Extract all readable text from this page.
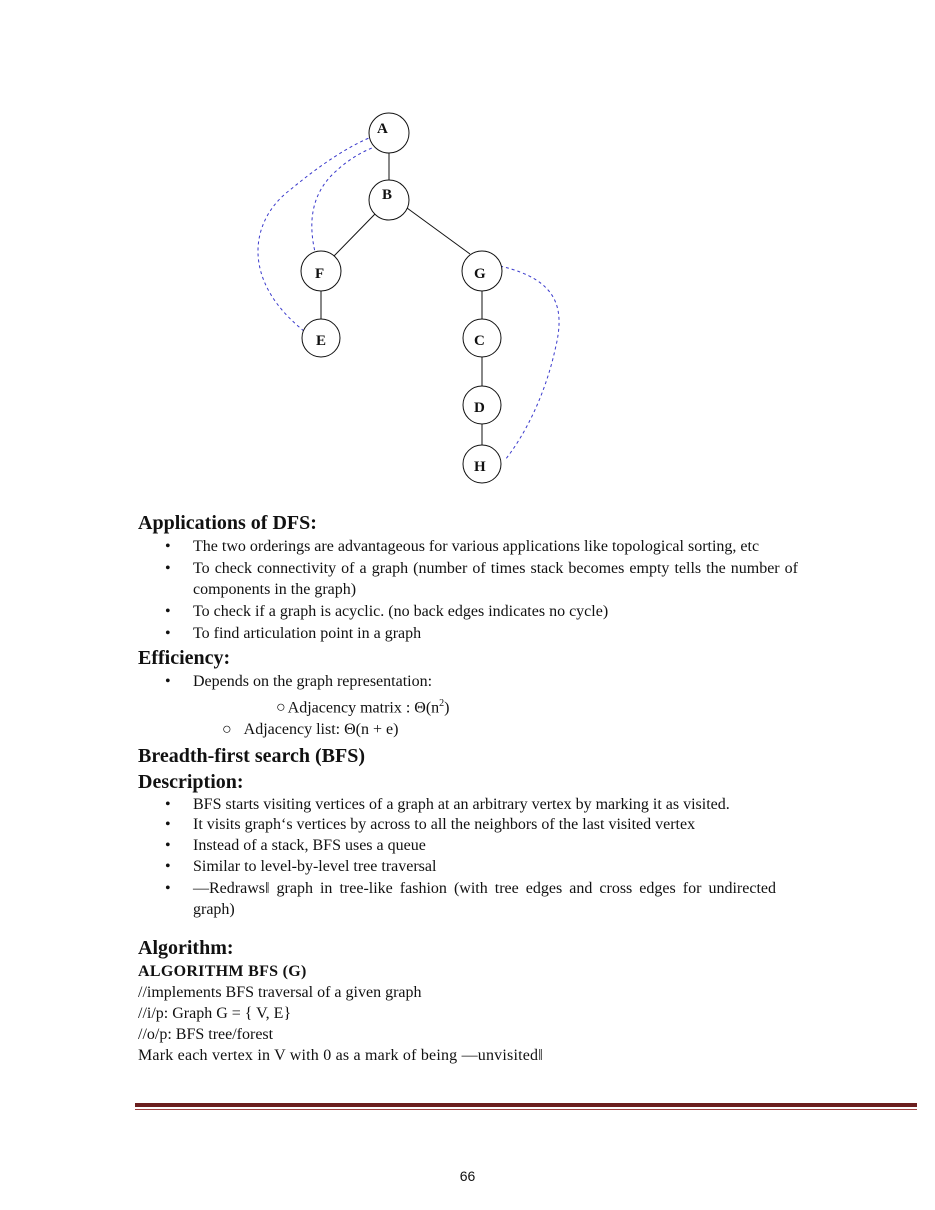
A
B
F	G
E	C
D
H
Applications of DFS:
• The two orderings are advantageous for various applications like topological sorting, etc
• To check connectivity of a graph (number of times stack becomes empty tells the number of components in the graph)
• To check if a graph is acyclic. (no back edges indicates no cycle)
• To find articulation point in a graph
Efficiency:
• Depends on the graph representation:
○ Adjacency matrix : $\Theta(n^2)$
○ Adjacency list: Θ(n + e)
Breadth-first search (BFS)
Description:
• BFS starts visiting vertices of a graph at an arbitrary vertex by marking it as visited.
• It visits graph‘s vertices by across to all the neighbors of the last visited vertex
• Instead of a stack, BFS uses a queue
• Similar to level-by-level tree traversal
• ―Redraws‖ graph in tree-like fashion (with tree edges and cross edges for undirected graph)
Algorithm:

ALGORITHM BFS (G)

//implements BFS traversal of a given graph

//i/p: Graph G = { V, E}

//o/p: BFS tree/forest

Mark each vertex in V with 0 as a mark of being ―unvisited‖

66
